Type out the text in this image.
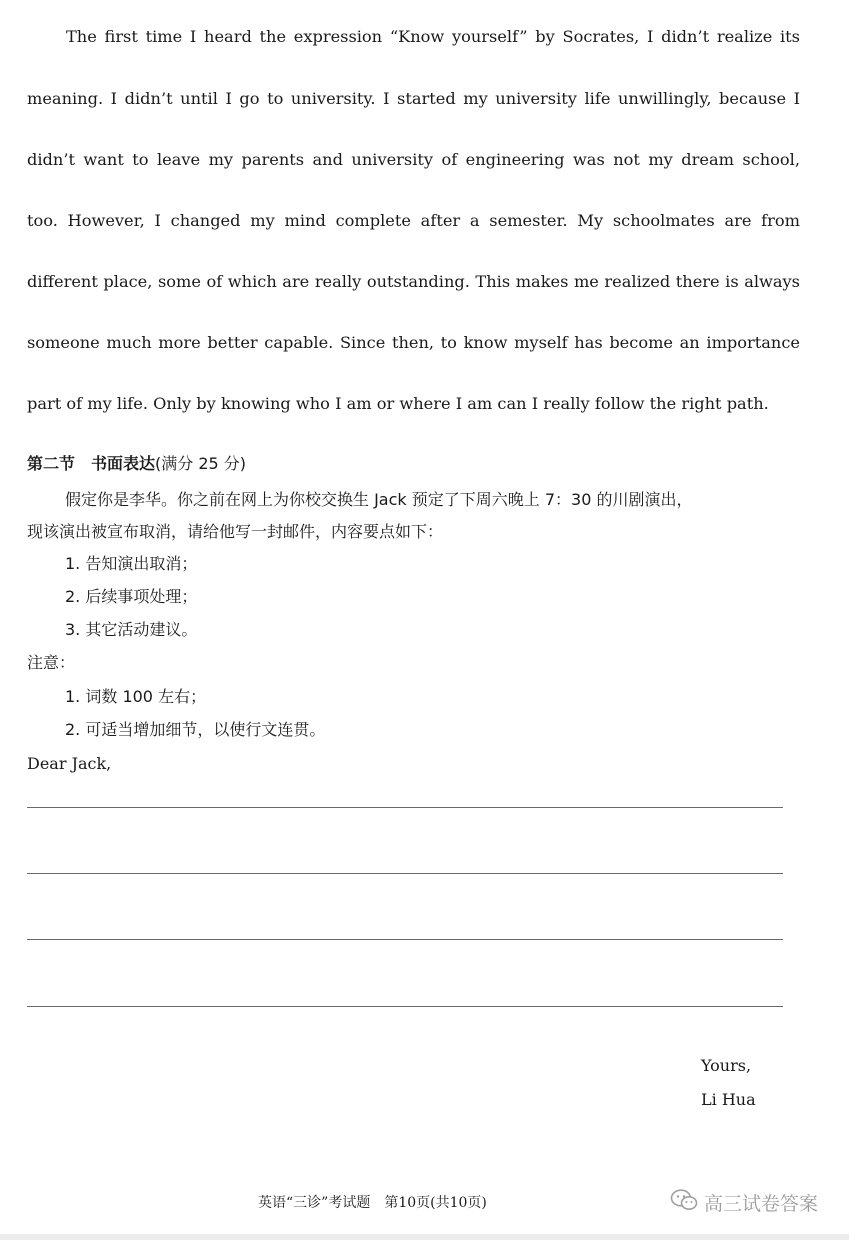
The first time I heard the expression “Know yourself” by Socrates, I didn’t realize its
meaning. I didn’t until I go to university. I started my university life unwillingly, because I
didn’t want to leave my parents and university of engineering was not my dream school,
too. However, I changed my mind complete after a semester. My schoolmates are from
different place, some of which are really outstanding. This makes me realized there is always
someone much more better capable. Since then, to know myself has become an importance
part of my life. Only by knowing who I am or where I am can I really follow the right path.
第二节　书面表达(满分 25 分)
假定你是李华。你之前在网上为你校交换生 Jack 预定了下周六晚上 7：30 的川剧演出，
现该演出被宣布取消，请给他写一封邮件，内容要点如下：
1. 告知演出取消；
2. 后续事项处理；
3. 其它活动建议。
注意：
1. 词数 100 左右；
2. 可适当增加细节，以使行文连贯。
Dear Jack,
Yours,
Li Hua
英语“三诊”考试题　第10页(共10页)	高三试卷答案
